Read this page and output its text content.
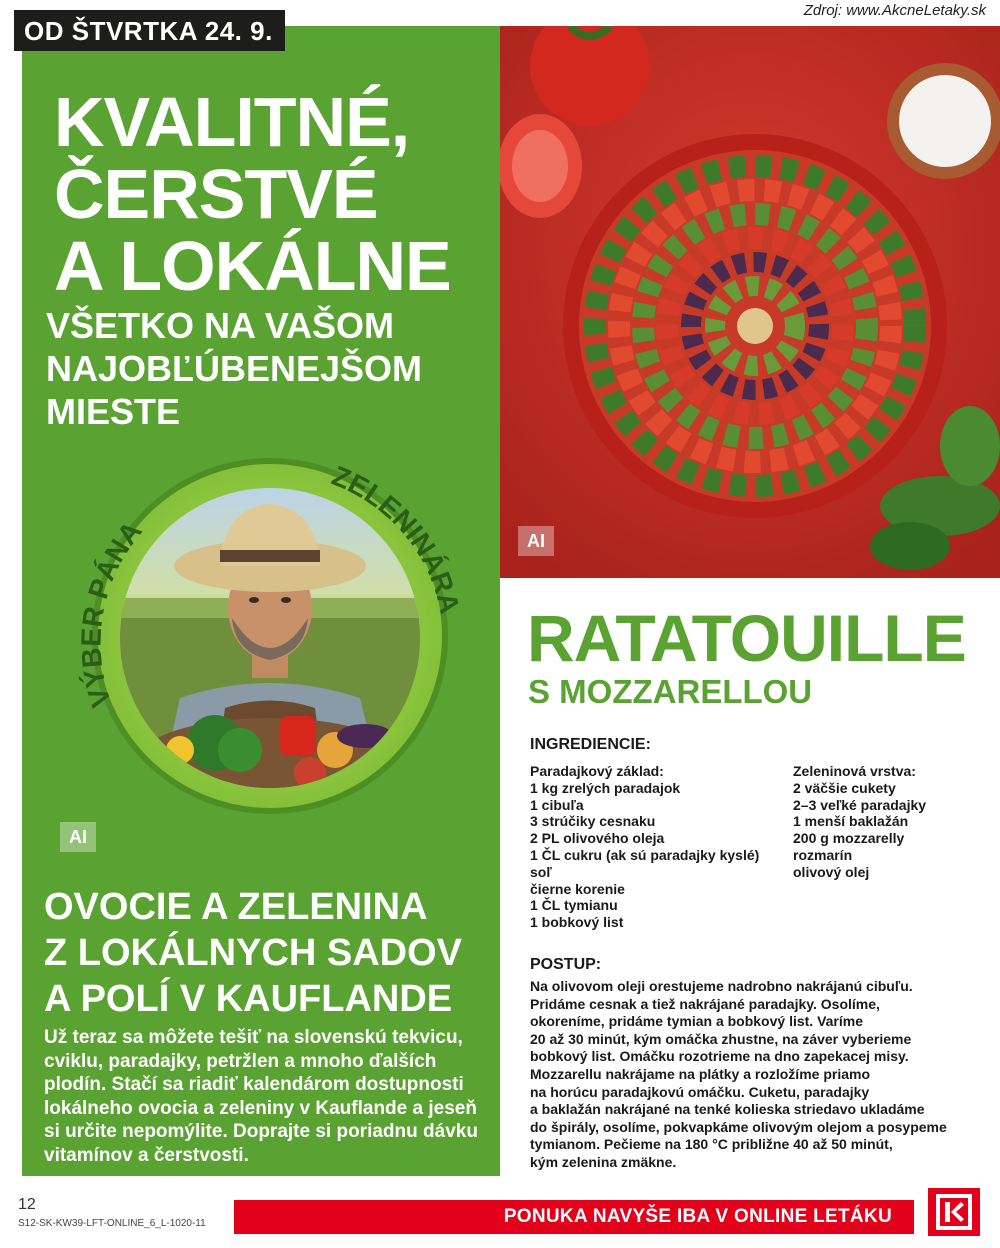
Zdroj: www.AkcneLetaky.sk
KVALITNÉ,
ČERSTVÉ
A LOKÁLNE
VŠETKO NA VAŠOM
NAJOBĽÚBENEJŠOM
MIESTE
VÝBER PÁNA
ZELENINÁRA
AI
OVOCIE A ZELENINA
Z LOKÁLNYCH SADOV
A POLÍ V KAUFLANDE
Už teraz sa môžete tešiť na slovenskú tekvicu, cviklu, paradajky, petržlen a mnoho ďalších plodín. Stačí sa riadiť kalendárom dostupnosti lokálneho ovocia a zeleniny v Kauflande a jeseň si určite nepomýlite. Doprajte si poriadnu dávku vitamínov a čerstvosti.
OD ŠTVRTKA 24. 9.
AI
RATATOUILLE
S MOZZARELLOU
INGREDIENCIE:
Paradajkový základ:
1 kg zrelých paradajok
1 cibuľa
3 strúčiky cesnaku
2 PL olivového oleja
1 ČL cukru (ak sú paradajky kyslé)
soľ
čierne korenie
1 ČL tymianu
1 bobkový list
Zeleninová vrstva:
2 väčšie cukety
2–3 veľké paradajky
1 menší baklažán
200 g mozzarelly
rozmarín
olivový olej
POSTUP:
Na olivovom oleji orestujeme nadrobno nakrájanú cibuľu.
Pridáme cesnak a tiež nakrájané paradajky. Osolíme,
okoreníme, pridáme tymian a bobkový list. Varíme
20 až 30 minút, kým omáčka zhustne, na záver vyberieme
bobkový list. Omáčku rozotrieme na dno zapekacej misy.
Mozzarellu nakrájame na plátky a rozložíme priamo
na horúcu paradajkovú omáčku. Cuketu, paradajky
a baklažán nakrájané na tenké kolieska striedavo ukladáme
do špirály, osolíme, pokvapkáme olivovým olejom a posypeme
tymianom. Pečieme na 180 °C približne 40 až 50 minút,
kým zelenina zmäkne.
12
S12-SK-KW39-LFT-ONLINE_6_L-1020-11	PONUKA NAVYŠE IBA V ONLINE LETÁKU
